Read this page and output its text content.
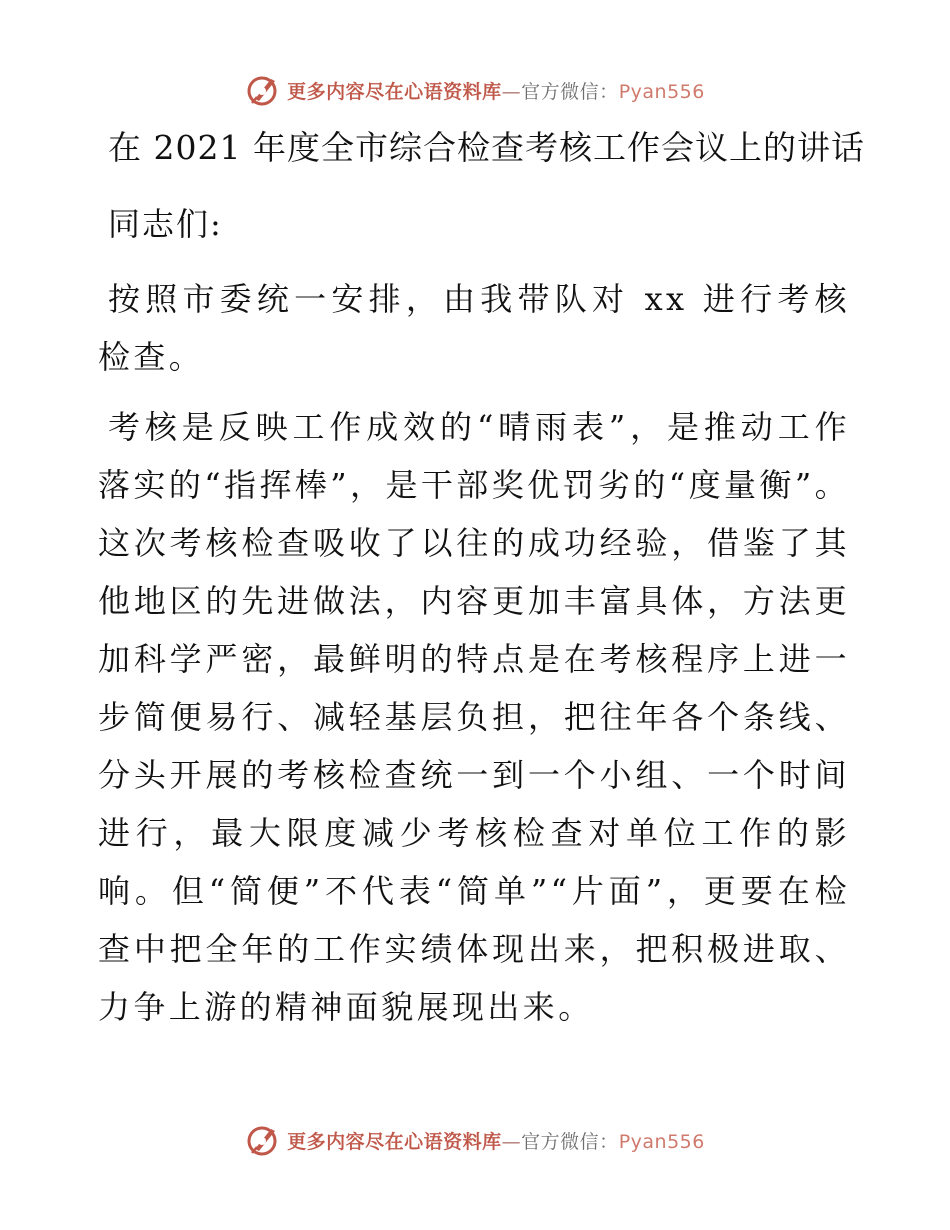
更多内容尽在心语资料库—官方微信：Pyan556
在 2021 年度全市综合检查考核工作会议上的讲话
同志们:
按照市委统一安排，由我带队对 xx 进行考核检查。
考核是反映工作成效的“晴雨表”，是推动工作落实的“指挥棒”，是干部奖优罚劣的“度量衡”。这次考核检查吸收了以往的成功经验，借鉴了其他地区的先进做法，内容更加丰富具体，方法更加科学严密，最鲜明的特点是在考核程序上进一步简便易行、减轻基层负担，把往年各个条线、分头开展的考核检查统一到一个小组、一个时间进行，最大限度减少考核检查对单位工作的影响。但“简便”不代表“简单”“片面”，更要在检查中把全年的工作实绩体现出来，把积极进取、力争上游的精神面貌展现出来。
更多内容尽在心语资料库—官方微信：Pyan556
